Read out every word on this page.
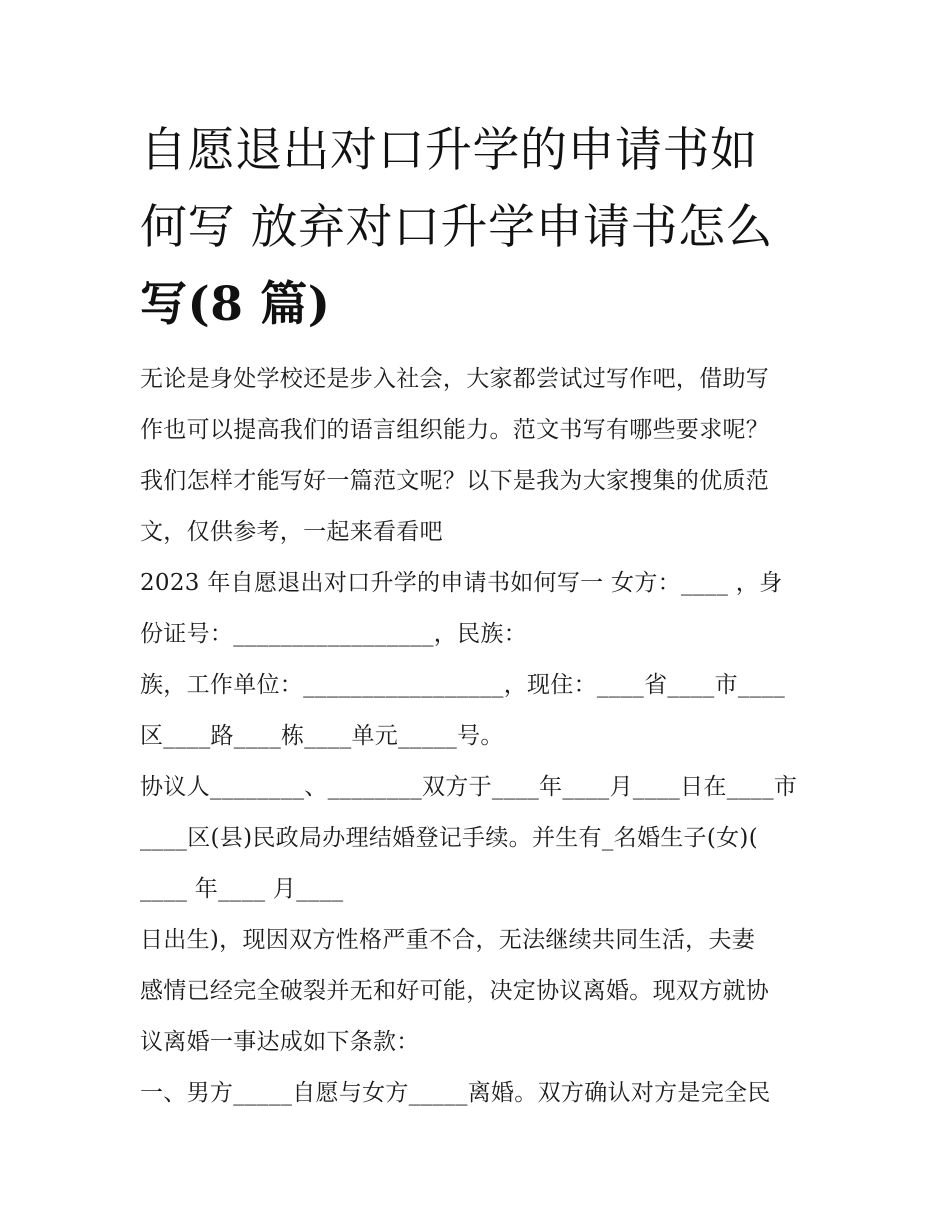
自愿退出对口升学的申请书如
何写 放弃对口升学申请书怎么
写(8 篇)
无论是身处学校还是步入社会，大家都尝试过写作吧，借助写
作也可以提高我们的语言组织能力。范文书写有哪些要求呢？
我们怎样才能写好一篇范文呢？以下是我为大家搜集的优质范
文，仅供参考，一起来看看吧
2023 年自愿退出对口升学的申请书如何写一 女方：____ ，身
份证号：_________________，民族：
族，工作单位：_________________，现住：____省____市____
区____路____栋____单元_____号。
协议人________、________双方于____年____月____日在____市
____区(县)民政局办理结婚登记手续。并生有_名婚生子(女)(
____ 年____ 月____
日出生)，现因双方性格严重不合，无法继续共同生活，夫妻
感情已经完全破裂并无和好可能，决定协议离婚。现双方就协
议离婚一事达成如下条款：
一、男方_____自愿与女方_____离婚。双方确认对方是完全民
